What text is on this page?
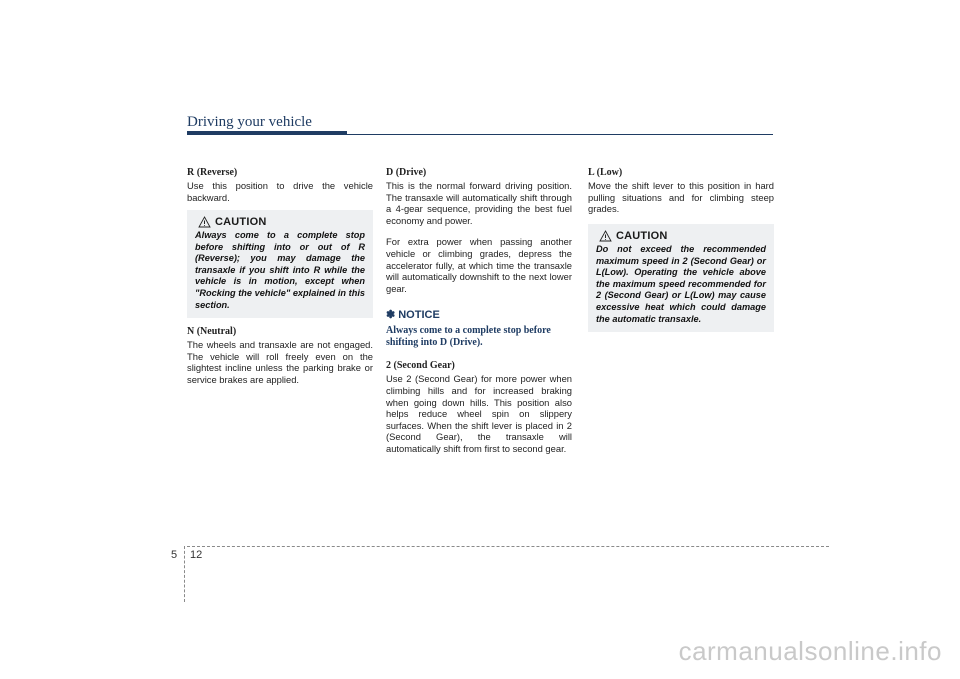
Driving your vehicle

R (Reverse)

Use this position to drive the vehicle backward.

CAUTION

Always come to a complete stop before shifting into or out of R (Reverse); you may damage the transaxle if you shift into R while the vehicle is in motion, except when "Rocking the vehicle" explained in this section.

N (Neutral)

The wheels and transaxle are not engaged. The vehicle will roll freely even on the slightest incline unless the parking brake or service brakes are applied.

D (Drive)

This is the normal forward driving position. The transaxle will automatically shift through a 4-gear sequence, providing the best fuel economy and power.

For extra power when passing another vehicle or climbing grades, depress the accelerator fully, at which time the transaxle will automatically downshift to the next lower gear.

✽ NOTICE

Always come to a complete stop before shifting into D (Drive).

2 (Second Gear)

Use 2 (Second Gear) for more power when climbing hills and for increased braking when going down hills. This position also helps reduce wheel spin on slippery surfaces. When the shift lever is placed in 2 (Second Gear), the transaxle will automatically shift from first to second gear.

L (Low)

Move the shift lever to this position in hard pulling situations and for climbing steep grades.

CAUTION

Do not exceed the recommended maximum speed in 2 (Second Gear) or L(Low). Operating the vehicle above the maximum speed recommended for 2 (Second Gear) or L(Low) may cause excessive heat which could damage the automatic transaxle.

5 12
carmanualsonline.info
